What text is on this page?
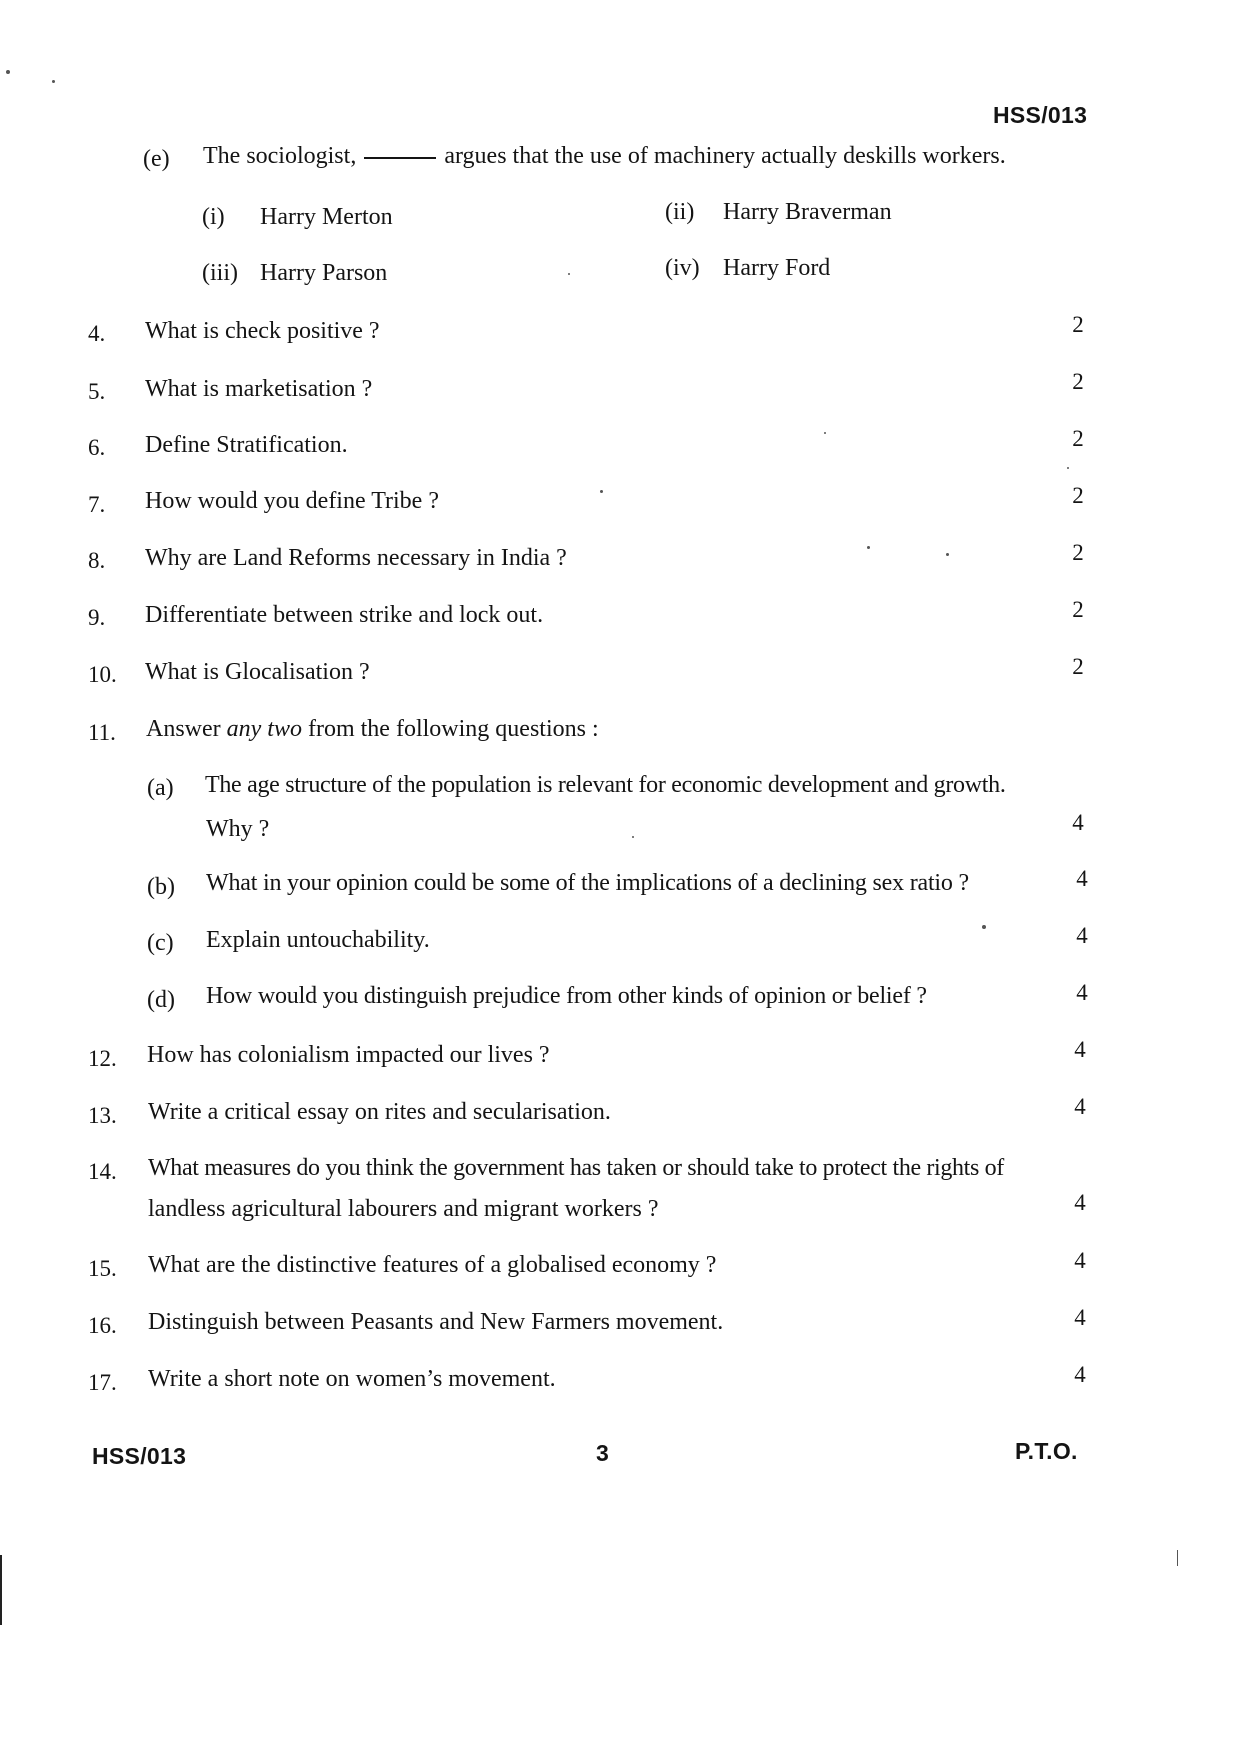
HSS/013
(e) The sociologist,	argues that the use of machinery actually deskills workers.
(i) Harry Merton	(ii) Harry Braverman
(iii) Harry Parson	(iv) Harry Ford
4. What is check positive ?	2
5. What is marketisation ?	2
6. Define Stratification.	2
7. How would you define Tribe ?	2
8. Why are Land Reforms necessary in India ?	2
9. Differentiate between strike and lock out.	2
10. What is Glocalisation ?	2
11. Answer any two from the following questions :
(a) The age structure of the population is relevant for economic development and growth.
Why ?	4
(b) What in your opinion could be some of the implications of a declining sex ratio ?	4
(c) Explain untouchability.	4
(d) How would you distinguish prejudice from other kinds of opinion or belief ?	4
12. How has colonialism impacted our lives ?	4
13. Write a critical essay on rites and secularisation.	4
14. What measures do you think the government has taken or should take to protect the rights of
landless agricultural labourers and migrant workers ?	4
15. What are the distinctive features of a globalised economy ?	4
16. Distinguish between Peasants and New Farmers movement.	4
17. Write a short note on women’s movement.	4
HSS/013	3	P.T.O.
